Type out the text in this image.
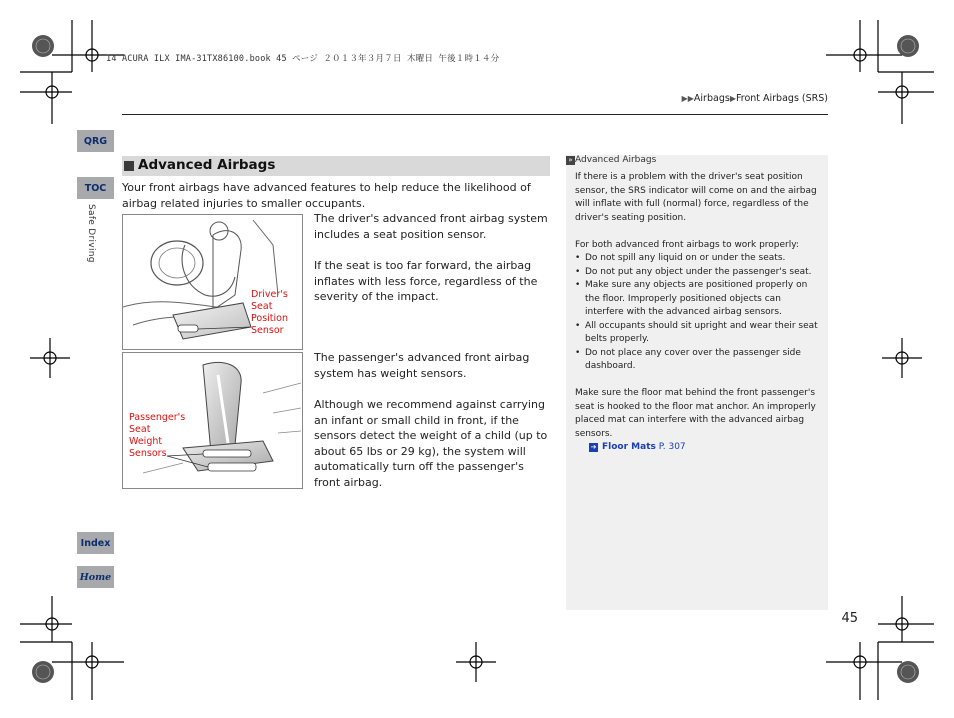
14 ACURA ILX IMA-31TX86100.book 45 ページ ２０１３年３月７日 木曜日 午後１時１４分
▶▶Airbags▶Front Airbags (SRS)
QRG
TOC
Safe Driving
Index
Home
Advanced Airbags
Your front airbags have advanced features to help reduce the likelihood of airbag related injuries to smaller occupants.
Driver's
Seat
Position
Sensor
The driver's advanced front airbag system includes a seat position sensor.
If the seat is too far forward, the airbag inflates with less force, regardless of the severity of the impact.
Passenger's
Seat
Weight
Sensors
The passenger's advanced front airbag system has weight sensors.
Although we recommend against carrying an infant or small child in front, if the sensors detect the weight of a child (up to about 65 lbs or 29 kg), the system will automatically turn off the passenger's front airbag.
» Advanced Airbags
If there is a problem with the driver's seat position sensor, the SRS indicator will come on and the airbag will inflate with full (normal) force, regardless of the driver's seating position.
For both advanced front airbags to work properly:
• Do not spill any liquid on or under the seats.
• Do not put any object under the passenger's seat.
• Make sure any objects are positioned properly on the floor. Improperly positioned objects can interfere with the advanced airbag sensors.
• All occupants should sit upright and wear their seat belts properly.
• Do not place any cover over the passenger side dashboard.
Make sure the floor mat behind the front passenger's seat is hooked to the floor mat anchor. An improperly placed mat can interfere with the advanced airbag sensors.
➔ Floor Mats P. 307
45
